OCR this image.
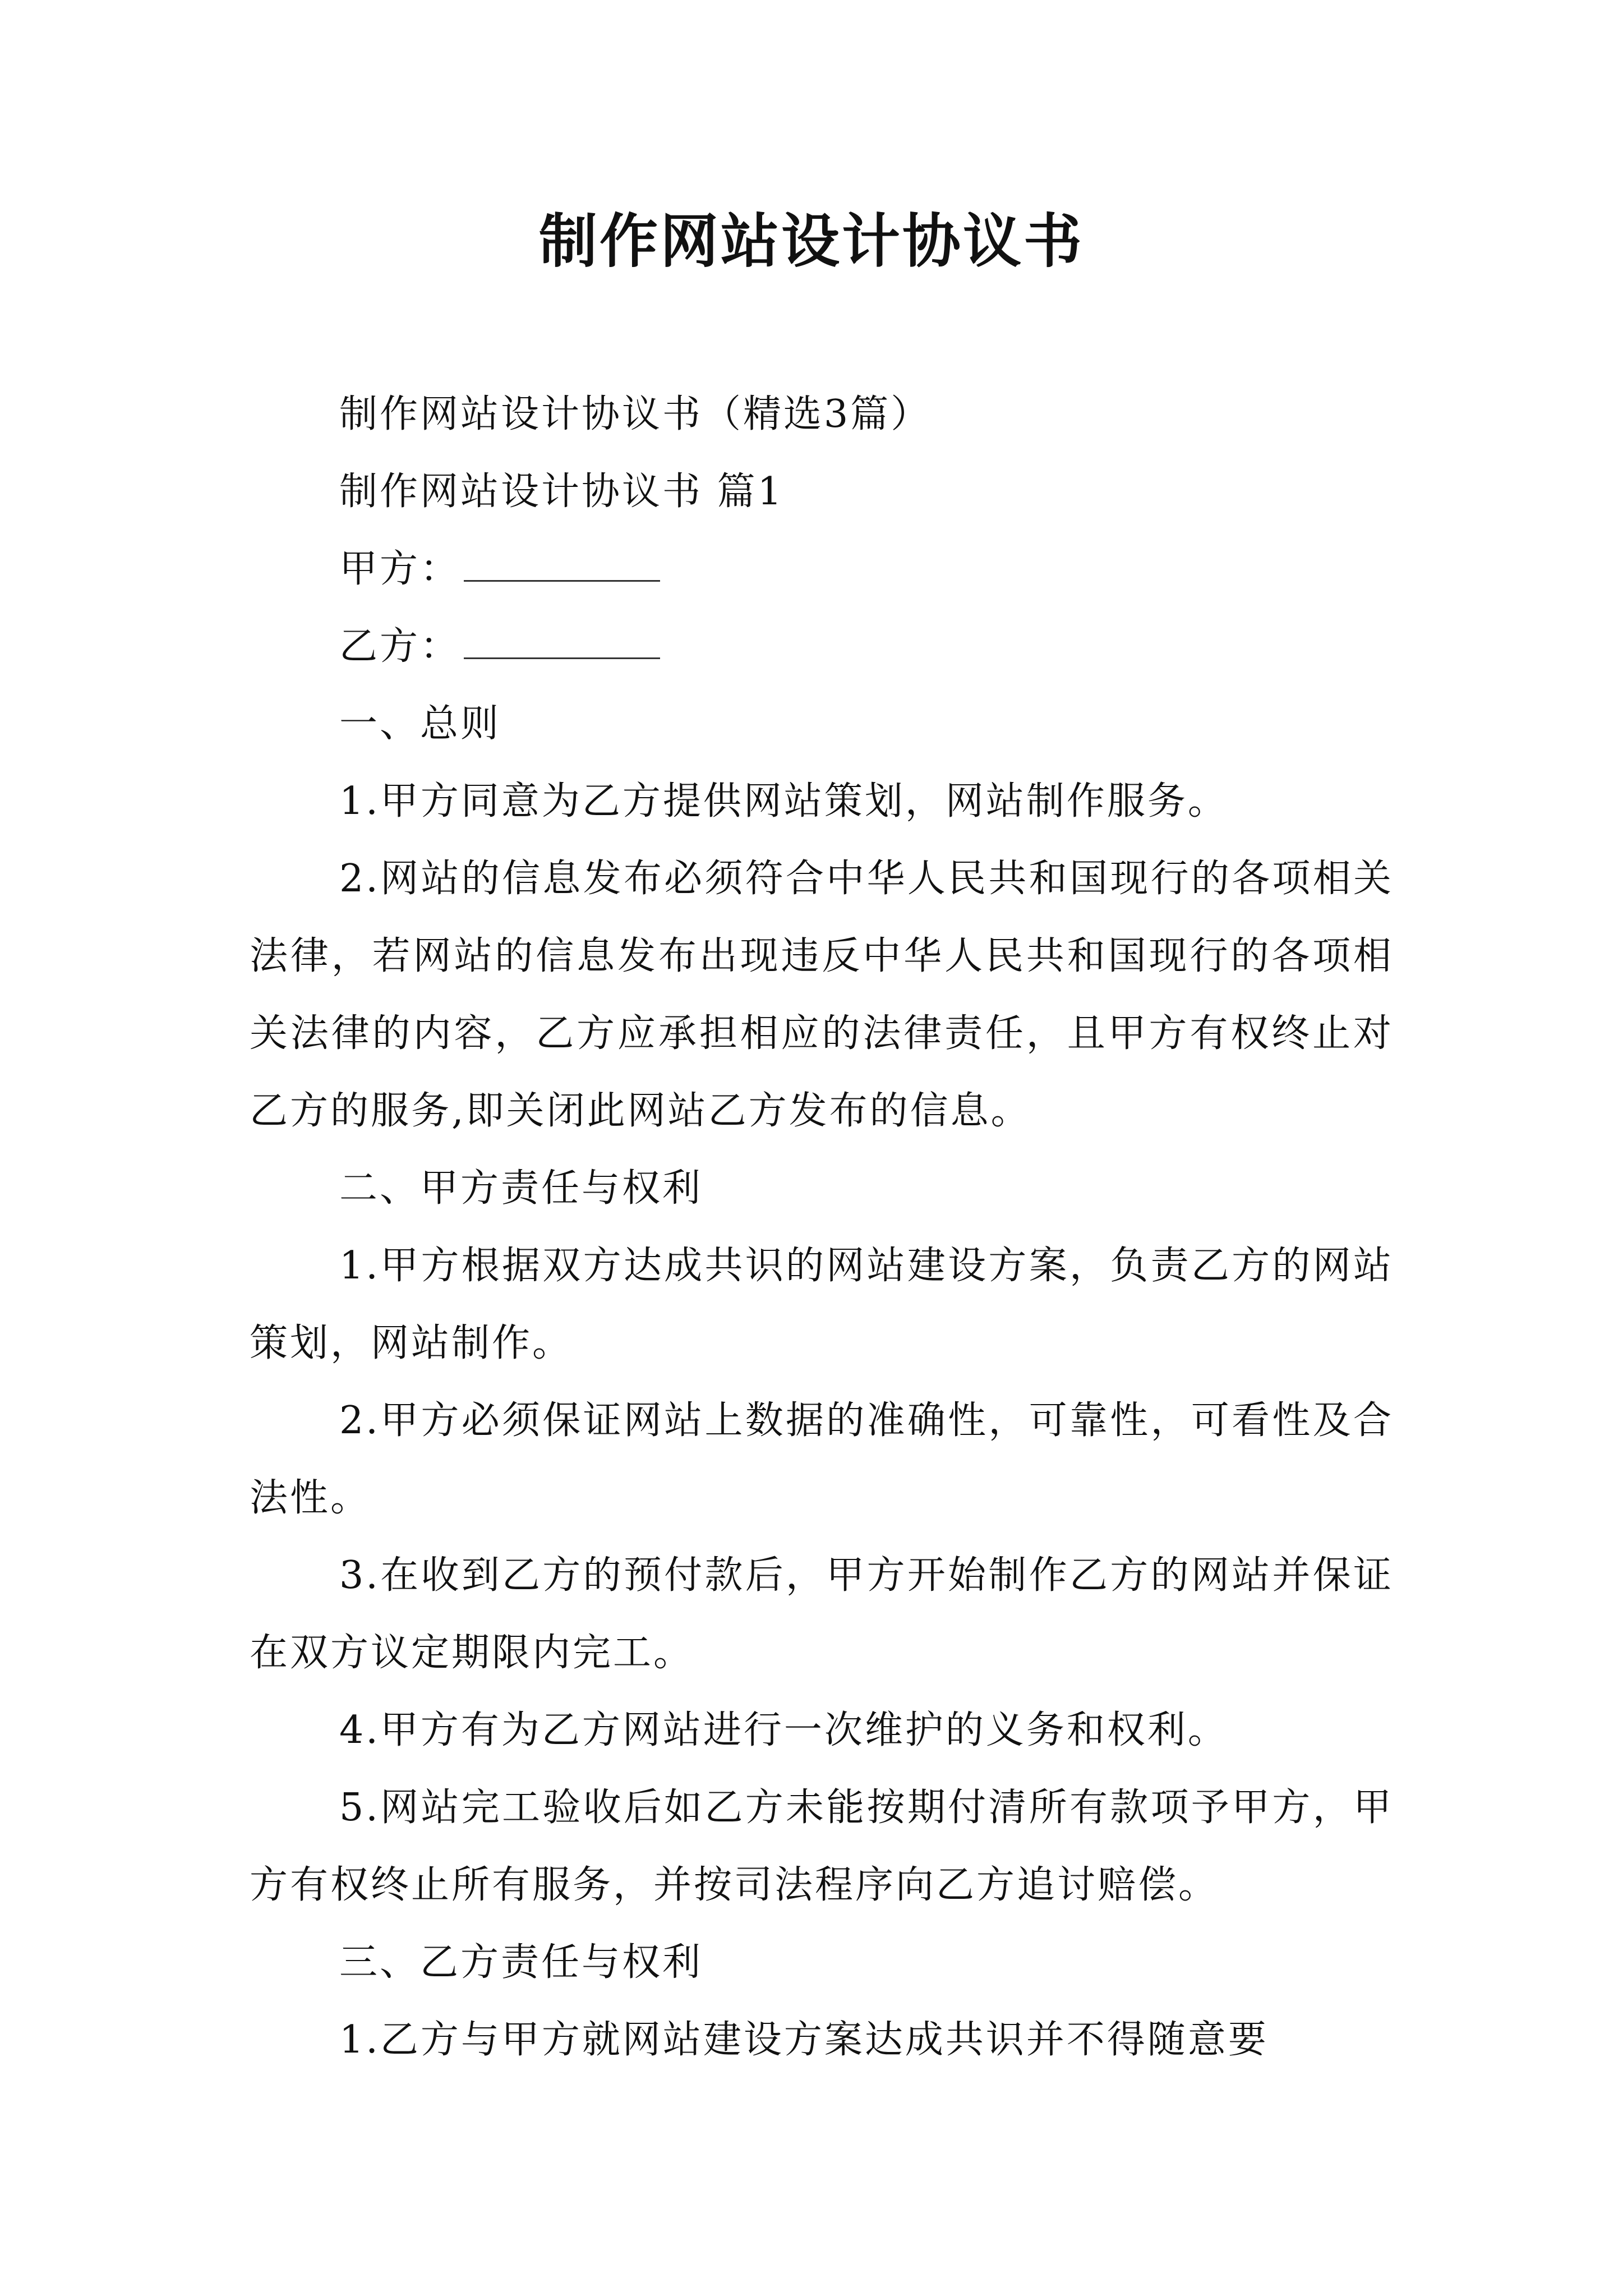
制作网站设计协议书

制作网站设计协议书（精选3篇）

制作网站设计协议书 篇1

甲方：

乙方：

一、总则

1.甲方同意为乙方提供网站策划，网站制作服务。

2.网站的信息发布必须符合中华人民共和国现行的各项相关法律，若网站的信息发布出现违反中华人民共和国现行的各项相关法律的内容，乙方应承担相应的法律责任，且甲方有权终止对乙方的服务,即关闭此网站乙方发布的信息。

二、甲方责任与权利

1.甲方根据双方达成共识的网站建设方案，负责乙方的网站策划，网站制作。

2.甲方必须保证网站上数据的准确性，可靠性，可看性及合法性。

3.在收到乙方的预付款后，甲方开始制作乙方的网站并保证在双方议定期限内完工。

4.甲方有为乙方网站进行一次维护的义务和权利。

5.网站完工验收后如乙方未能按期付清所有款项予甲方，甲方有权终止所有服务，并按司法程序向乙方追讨赔偿。

三、乙方责任与权利

1.乙方与甲方就网站建设方案达成共识并不得随意要
